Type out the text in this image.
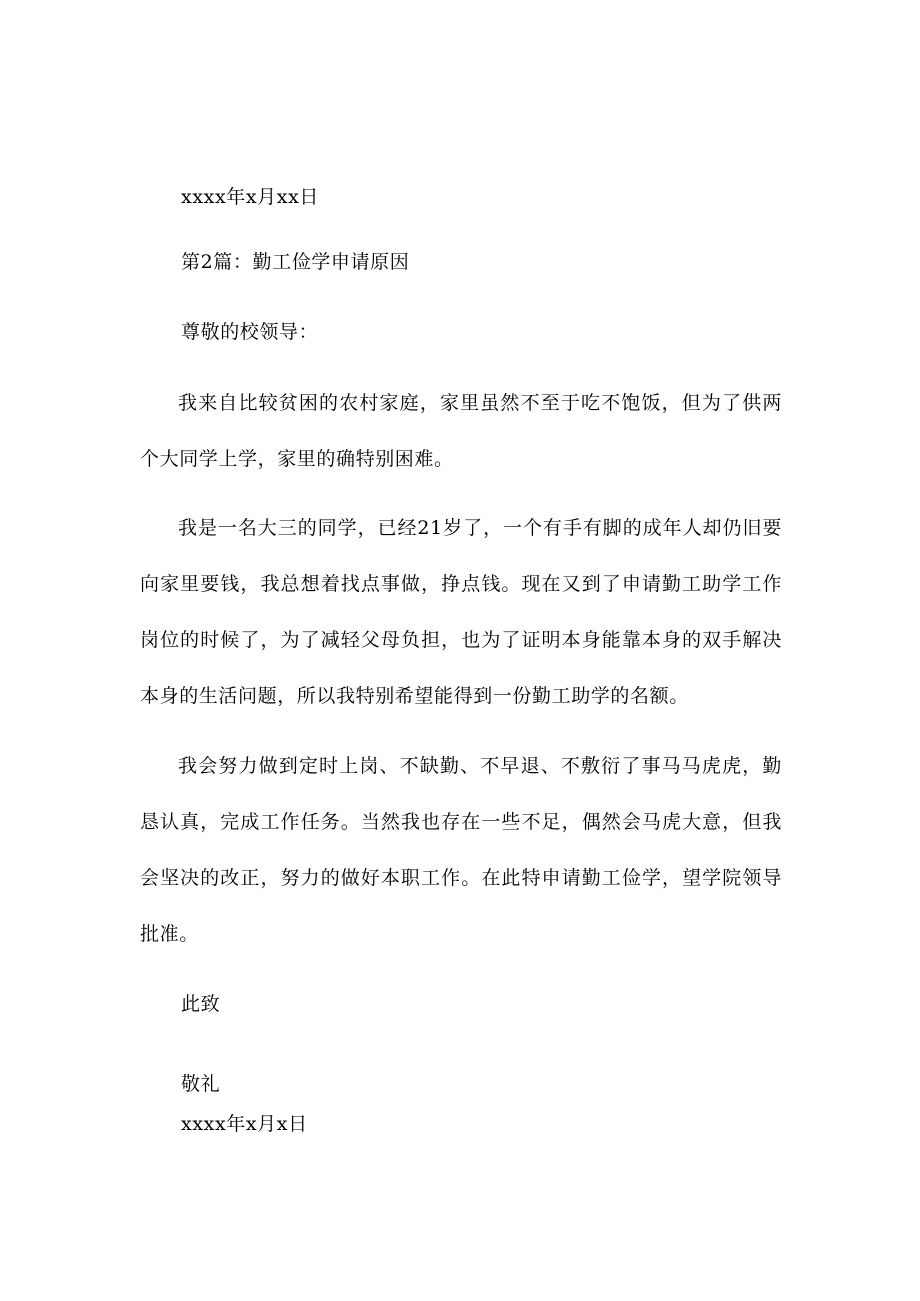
xxxx年x月xx日
第2篇：勤工俭学申请原因
尊敬的校领导：

我来自比较贫困的农村家庭，家里虽然不至于吃不饱饭，但为了供两个大同学上学，家里的确特别困难。

我是一名大三的同学，已经21岁了，一个有手有脚的成年人却仍旧要向家里要钱，我总想着找点事做，挣点钱。现在又到了申请勤工助学工作岗位的时候了，为了减轻父母负担，也为了证明本身能靠本身的双手解决本身的生活问题，所以我特别希望能得到一份勤工助学的名额。

我会努力做到定时上岗、不缺勤、不早退、不敷衍了事马马虎虎，勤恳认真，完成工作任务。当然我也存在一些不足，偶然会马虎大意，但我会坚决的改正，努力的做好本职工作。在此特申请勤工俭学，望学院领导批准。

此致
敬礼
xxxx年x月x日
